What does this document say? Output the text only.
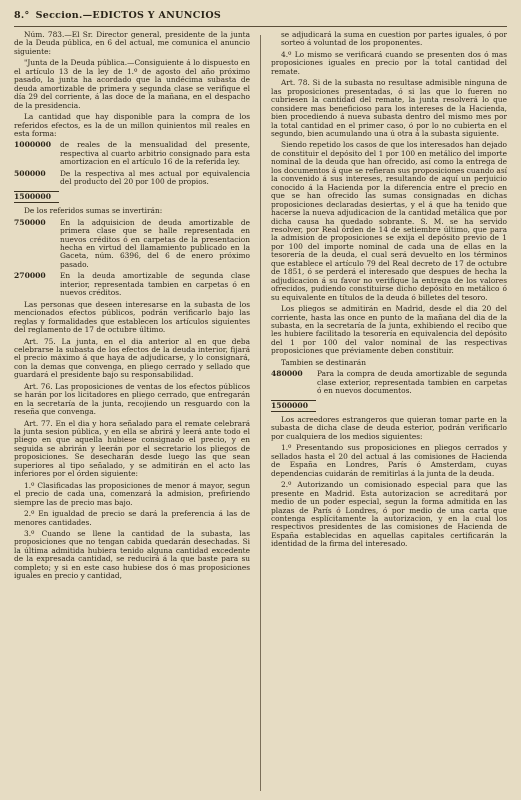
8.° Seccion.—EDICTOS Y ANUNCIOS

Núm. 783.—El Sr. Director general, presidente de la junta de la Deuda pública, en 6 del actual, me comunica el anuncio siguiente:

"Junta de la Deuda pública.—Consiguiente á lo dispuesto en el artículo 13 de la ley de 1.º de agosto del año próximo pasado, la junta ha acordado que la undécima subasta de deuda amortizable de primera y segunda clase se verifique el día 29 del corriente, á las doce de la mañana, en el despacho de la presidencia.

La cantidad que hay disponible para la compra de los referidos efectos, es la de un millon quinientos mil reales en esta forma:

1000000	de reales de la mensualidad del presente, respectiva al cuarto arbitrio consignado para esta amortizacion en el artículo 16 de la referida ley.
500000	De la respectiva al mes actual por equivalencia del producto del 20 por 100 de propios.
1500000

De los referidos sumas se invertirán:

750000	En la adquisicion de deuda amortizable de primera clase que se halle representada en nuevos créditos ó en carpetas de la presentacion hecha en virtud del llamamiento publicado en la Gaceta, núm. 6396, del 6 de enero próximo pasado.
270000	En la deuda amortizable de segunda clase interior, representada tambien en carpetas ó en nuevos créditos.

Las personas que deseen interesarse en la subasta de los mencionados efectos públicos, podrán verificarlo bajo las reglas y formalidades que establecen los artículos siguientes del reglamento de 17 de octubre último.

Art. 75. La junta, en el dia anterior al en que deba celebrarse la subasta de los efectos de la deuda interior, fijará el precio máximo á que haya de adjudicarse, y lo consignará, con la demas que convenga, en pliego cerrado y sellado que guardará el presidente bajo su responsabilidad.

Art. 76. Las proposiciones de ventas de los efectos públicos se harán por los licitadores en pliego cerrado, que entregarán en la secretaría de la junta, recojiendo un resguardo con la reseña que convenga.

Art. 77. En el dia y hora señalado para el remate celebrará la junta sesion pública, y en ella se abrirá y leerá ante todo el pliego en que aquella hubiese consignado el precio, y en seguida se abrirán y leerán por el secretario los pliegos de proposiciones. Se desecharán desde luego las que sean superiores al tipo señalado, y se admitirán en el acto las inferiores por el órden siguiente:

1.º Clasificadas las proposiciones de menor á mayor, segun el precio de cada una, comenzará la admision, prefiriendo siempre las de precio mas bajo.

2.º En igualdad de precio se dará la preferencia á las de menores cantidades.

3.º Cuando se llene la cantidad de la subasta, las proposiciones que no tengan cabida quedarán desechadas. Si la última admitida hubiera tenido alguna cantidad excedente de la expresada cantidad, se reducirá á la que baste para su completo; y si en este caso hubiese dos ó mas proposiciones iguales en precio y cantidad,

se adjudicará la suma en cuestion por partes iguales, ó por sorteo á voluntad de los proponentes.

4.º Lo mismo se verificará cuando se presenten dos ó mas proposiciones iguales en precio por la total cantidad del remate.

Art. 78. Si de la subasta no resultase admisible ninguna de las proposiciones presentadas, ó si las que lo fueren no cubriesen la cantidad del remate, la junta resolverá lo que considere mas beneficioso para los intereses de la Hacienda, bien procediendo á nueva subasta dentro del mismo mes por la total cantidad en el primer caso, ó por lo no cubierta en el segundo, bien acumulando una ú otra á la subasta siguiente.

Siendo repetido los casos de que los interesados han dejado de constituir el depósito del 1 por 100 en metálico del importe nominal de la deuda que han ofrecido, así como la entrega de los documentos á que se refieran sus proposiciones cuando así la convenido á sus intereses, resultando de aquí un perjuicio conocido á la Hacienda por la diferencia entre el precio en que se han ofrecido las sumas consignadas en dichas proposiciones declaradas desiertas, y el á que ha tenido que hacerse la nueva adjudicacion de la cantidad metálica que por dicha causa ha quedado sobrante. S. M. se ha servido resolver, por Real órden de 14 de setiembre último, que para la admision de proposiciones se exija el depósito previo de 1 por 100 del importe nominal de cada una de ellas en la tesorería de la deuda, el cual será devuelto en los términos que establece el artículo 79 del Real decreto de 17 de octubre de 1851, ó se perderá el interesado que despues de hecha la adjudicacion á su favor no verifique la entrega de los valores ofrecidos, pudiendo constituirse dicho depósito en metálico ó su equivalente en títulos de la deuda ó billetes del tesoro.

Los pliegos se admitirán en Madrid, desde el dia 20 del corriente, hasta las once en punto de la mañana del dia de la subasta, en la secretaría de la junta, exhibiendo el recibo que les hubiere facilitado la tesorería en equivalencia del depósito del 1 por 100 del valor nominal de las respectivas proposiciones que préviamente deben constituir.

Tambien se destinarán

480000	Para la compra de deuda amortizable de segunda clase exterior, representada tambien en carpetas ó en nuevos documentos.
1500000

Los acreedores estrangeros que quieran tomar parte en la subasta de dicha clase de deuda esterior, podrán verificarlo por cualquiera de los medios siguientes:

1.º Presentando sus proposiciones en pliegos cerrados y sellados hasta el 20 del actual á las comisiones de Hacienda de España en Londres, París ó Amsterdam, cuyas dependencias cuidarán de remitirlas á la junta de la deuda.

2.º Autorizando un comisionado especial para que las presente en Madrid. Esta autorizacion se acreditará por medio de un poder especial, segun la forma admitida en las plazas de París ó Londres, ó por medio de una carta que contenga esplícitamente la autorizacion, y en la cual los respectivos presidentes de las comisiones de Hacienda de España establecidas en aquellas capitales certificarán la identidad de la firma del interesado.
